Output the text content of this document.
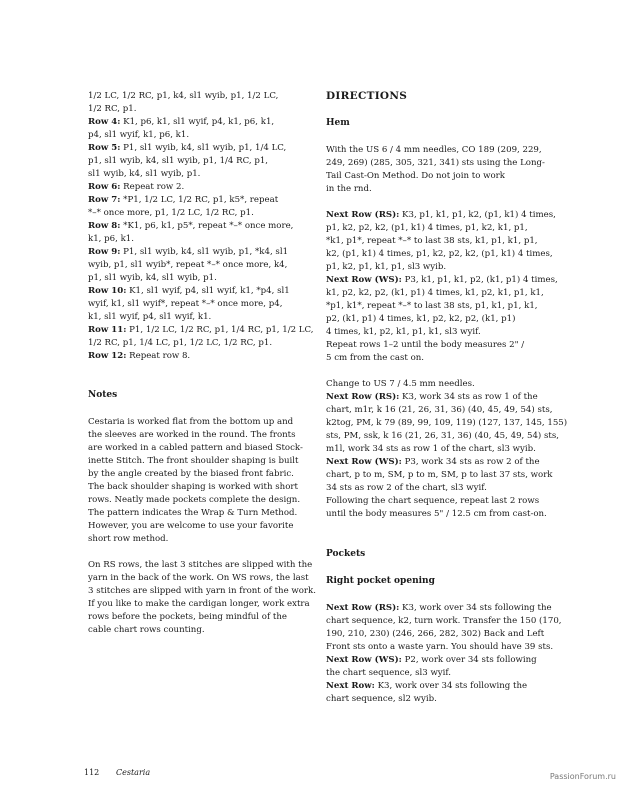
1/2 LC, 1/2 RC, p1, k4, sl1 wyib, p1, 1/2 LC,
1/2 RC, p1.
Row 4: K1, p6, k1, sl1 wyif, p4, k1, p6, k1,
p4, sl1 wyif, k1, p6, k1.
Row 5: P1, sl1 wyib, k4, sl1 wyib, p1, 1/4 LC,
p1, sl1 wyib, k4, sl1 wyib, p1, 1/4 RC, p1,
sl1 wyib, k4, sl1 wyib, p1.
Row 6: Repeat row 2.
Row 7: *P1, 1/2 LC, 1/2 RC, p1, k5*, repeat
*–* once more, p1, 1/2 LC, 1/2 RC, p1.
Row 8: *K1, p6, k1, p5*, repeat *–* once more,
k1, p6, k1.
Row 9: P1, sl1 wyib, k4, sl1 wyib, p1, *k4, sl1
wyib, p1, sl1 wyib*, repeat *–* once more, k4,
p1, sl1 wyib, k4, sl1 wyib, p1.
Row 10: K1, sl1 wyif, p4, sl1 wyif, k1, *p4, sl1
wyif, k1, sl1 wyif*, repeat *–* once more, p4,
k1, sl1 wyif, p4, sl1 wyif, k1.
Row 11: P1, 1/2 LC, 1/2 RC, p1, 1/4 RC, p1, 1/2 LC,
1/2 RC, p1, 1/4 LC, p1, 1/2 LC, 1/2 RC, p1.
Row 12: Repeat row 8.
Notes
Cestaria is worked flat from the bottom up and
the sleeves are worked in the round. The fronts
are worked in a cabled pattern and biased Stock-
inette Stitch. The front shoulder shaping is built
by the angle created by the biased front fabric.
The back shoulder shaping is worked with short
rows. Neatly made pockets complete the design.
The pattern indicates the Wrap & Turn Method.
However, you are welcome to use your favorite
short row method.
On RS rows, the last 3 stitches are slipped with the
yarn in the back of the work. On WS rows, the last
3 stitches are slipped with yarn in front of the work.
If you like to make the cardigan longer, work extra
rows before the pockets, being mindful of the
cable chart rows counting.
DIRECTIONS
Hem
With the US 6 / 4 mm needles, CO 189 (209, 229,
249, 269) (285, 305, 321, 341) sts using the Long-
Tail Cast-On Method. Do not join to work
in the rnd.
Next Row (RS): K3, p1, k1, p1, k2, (p1, k1) 4 times,
p1, k2, p2, k2, (p1, k1) 4 times, p1, k2, k1, p1,
*k1, p1*, repeat *–* to last 38 sts, k1, p1, k1, p1,
k2, (p1, k1) 4 times, p1, k2, p2, k2, (p1, k1) 4 times,
p1, k2, p1, k1, p1, sl3 wyib.
Next Row (WS): P3, k1, p1, k1, p2, (k1, p1) 4 times,
k1, p2, k2, p2, (k1, p1) 4 times, k1, p2, k1, p1, k1,
*p1, k1*, repeat *–* to last 38 sts, p1, k1, p1, k1,
p2, (k1, p1) 4 times, k1, p2, k2, p2, (k1, p1)
4 times, k1, p2, k1, p1, k1, sl3 wyif.
Repeat rows 1–2 until the body measures 2" /
5 cm from the cast on.
Change to US 7 / 4.5 mm needles.
Next Row (RS): K3, work 34 sts as row 1 of the
chart, m1r, k 16 (21, 26, 31, 36) (40, 45, 49, 54) sts,
k2tog, PM, k 79 (89, 99, 109, 119) (127, 137, 145, 155)
sts, PM, ssk, k 16 (21, 26, 31, 36) (40, 45, 49, 54) sts,
m1l, work 34 sts as row 1 of the chart, sl3 wyib.
Next Row (WS): P3, work 34 sts as row 2 of the
chart, p to m, SM, p to m, SM, p to last 37 sts, work
34 sts as row 2 of the chart, sl3 wyif.
Following the chart sequence, repeat last 2 rows
until the body measures 5" / 12.5 cm from cast-on.
Pockets
Right pocket opening
Next Row (RS): K3, work over 34 sts following the
chart sequence, k2, turn work. Transfer the 150 (170,
190, 210, 230) (246, 266, 282, 302) Back and Left
Front sts onto a waste yarn. You should have 39 sts.
Next Row (WS): P2, work over 34 sts following
the chart sequence, sl3 wyif.
Next Row: K3, work over 34 sts following the
chart sequence, sl2 wyib.
112 Cestaria	PassionForum.ru
